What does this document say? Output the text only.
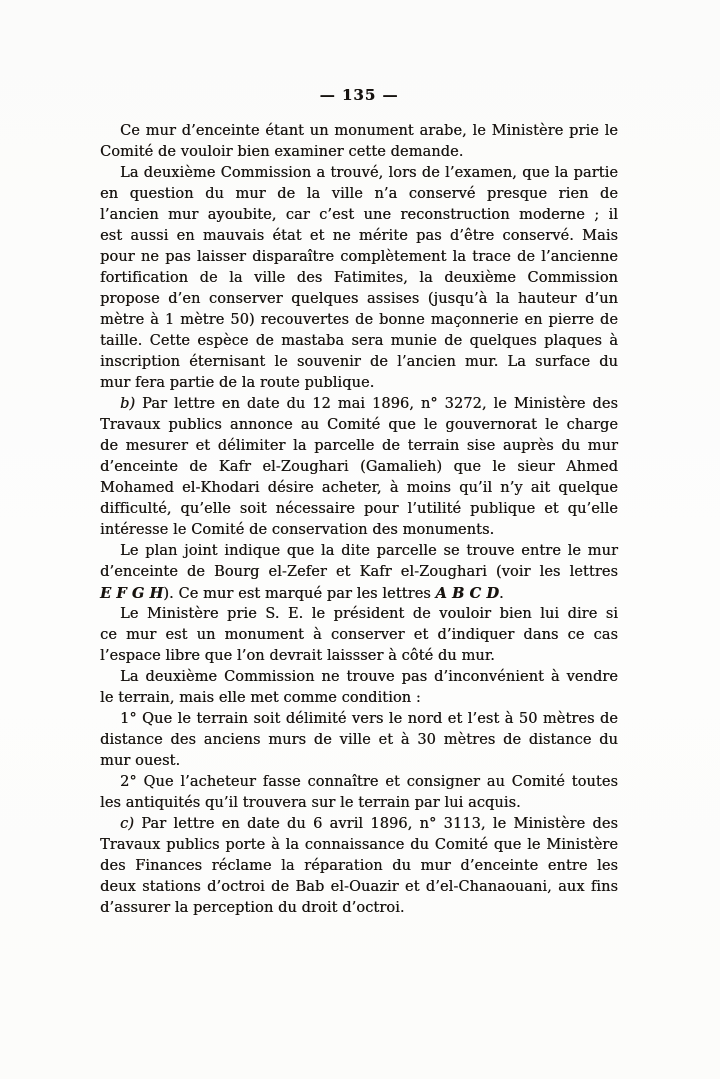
— 135 —
Ce mur d’enceinte étant un monument arabe, le Ministère prie le
Comité de vouloir bien examiner cette demande.
La deuxième Commission a trouvé, lors de l’examen, que la partie
en question du mur de la ville n’a conservé presque rien de
l’ancien mur ayoubite, car c’est une reconstruction moderne ; il
est aussi en mauvais état et ne mérite pas d’être conservé. Mais
pour ne pas laisser disparaître complètement la trace de l’ancienne
fortification de la ville des Fatimites, la deuxième Commission
propose d’en conserver quelques assises (jusqu’à la hauteur d’un
mètre à 1 mètre 50) recouvertes de bonne maçonnerie en pierre de
taille. Cette espèce de mastaba sera munie de quelques plaques à
inscription éternisant le souvenir de l’ancien mur. La surface du
mur fera partie de la route publique.
b) Par lettre en date du 12 mai 1896, n° 3272, le Ministère des
Travaux publics annonce au Comité que le gouvernorat le charge
de mesurer et délimiter la parcelle de terrain sise auprès du mur
d’enceinte de Kafr el-Zoughari (Gamalieh) que le sieur Ahmed
Mohamed el-Khodari désire acheter, à moins qu’il n’y ait quelque
difficulté, qu’elle soit nécessaire pour l’utilité publique et qu’elle
intéresse le Comité de conservation des monuments.
Le plan joint indique que la dite parcelle se trouve entre le mur
d’enceinte de Bourg el-Zefer et Kafr el-Zoughari (voir les lettres
E F G H). Ce mur est marqué par les lettres A B C D.
Le Ministère prie S. E. le président de vouloir bien lui dire si
ce mur est un monument à conserver et d’indiquer dans ce cas
l’espace libre que l’on devrait laissser à côté du mur.
La deuxième Commission ne trouve pas d’inconvénient à vendre
le terrain, mais elle met comme condition :
1° Que le terrain soit délimité vers le nord et l’est à 50 mètres de
distance des anciens murs de ville et à 30 mètres de distance du
mur ouest.
2° Que l’acheteur fasse connaître et consigner au Comité toutes
les antiquités qu’il trouvera sur le terrain par lui acquis.
c) Par lettre en date du 6 avril 1896, n° 3113, le Ministère des
Travaux publics porte à la connaissance du Comité que le Ministère
des Finances réclame la réparation du mur d’enceinte entre les
deux stations d’octroi de Bab el-Ouazir et d’el-Chanaouani, aux fins
d’assurer la perception du droit d’octroi.
